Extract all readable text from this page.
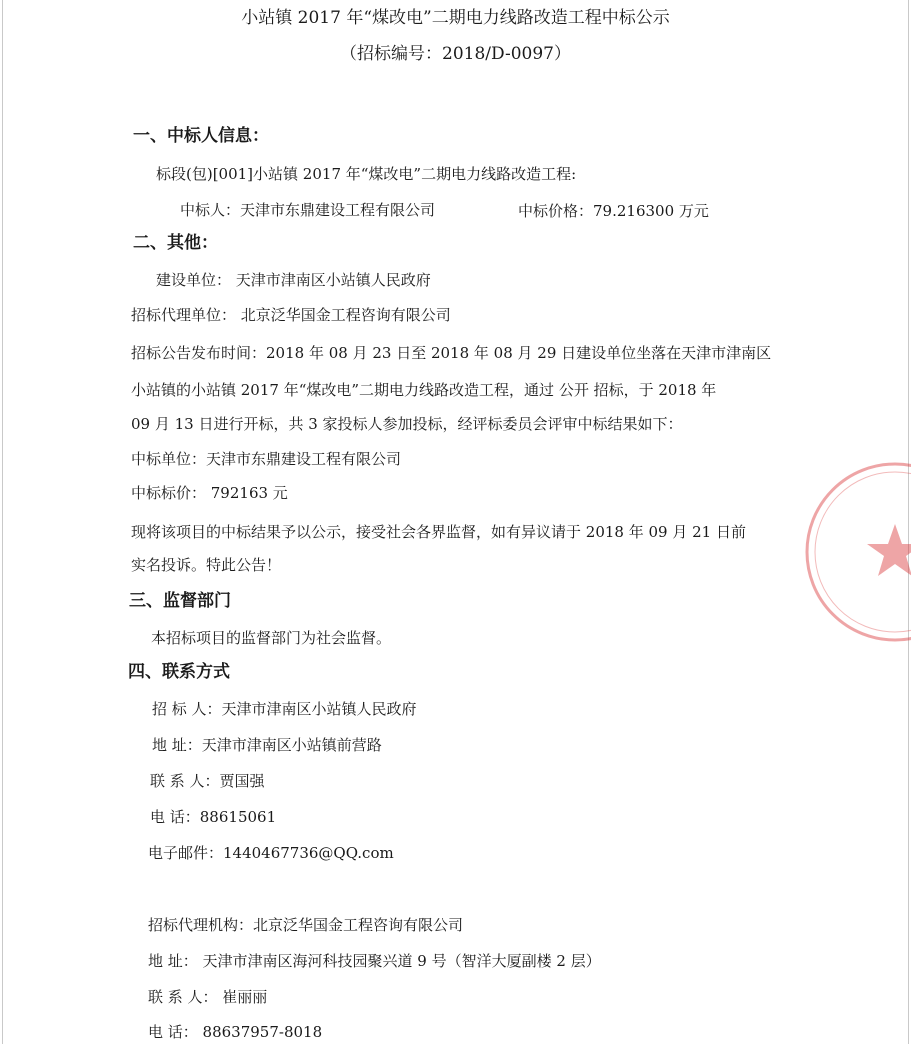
小站镇 2017 年“煤改电”二期电力线路改造工程中标公示
（招标编号：2018/D-0097）
一、中标人信息：
标段(包)[001]小站镇 2017 年“煤改电”二期电力线路改造工程:
中标人：天津市东鼎建设工程有限公司	中标价格：79.216300 万元
二、其他：
建设单位： 天津市津南区小站镇人民政府
招标代理单位： 北京泛华国金工程咨询有限公司
招标公告发布时间：2018 年 08 月 23 日至 2018 年 08 月 29 日建设单位坐落在天津市津南区
小站镇的小站镇 2017 年“煤改电”二期电力线路改造工程，通过 公开 招标，于 2018 年
09 月 13 日进行开标，共 3 家投标人参加投标，经评标委员会评审中标结果如下：
中标单位：天津市东鼎建设工程有限公司
中标标价： 792163 元
现将该项目的中标结果予以公示，接受社会各界监督，如有异议请于 2018 年 09 月 21 日前
实名投诉。特此公告！
三、监督部门
本招标项目的监督部门为社会监督。
四、联系方式
招 标 人：天津市津南区小站镇人民政府
地 址：天津市津南区小站镇前营路
联 系 人：贾国强
电 话：88615061
电子邮件：1440467736@QQ.com
招标代理机构：北京泛华国金工程咨询有限公司
地 址： 天津市津南区海河科技园聚兴道 9 号（智洋大厦副楼 2 层）
联 系 人： 崔丽丽
电 话： 88637957-8018
